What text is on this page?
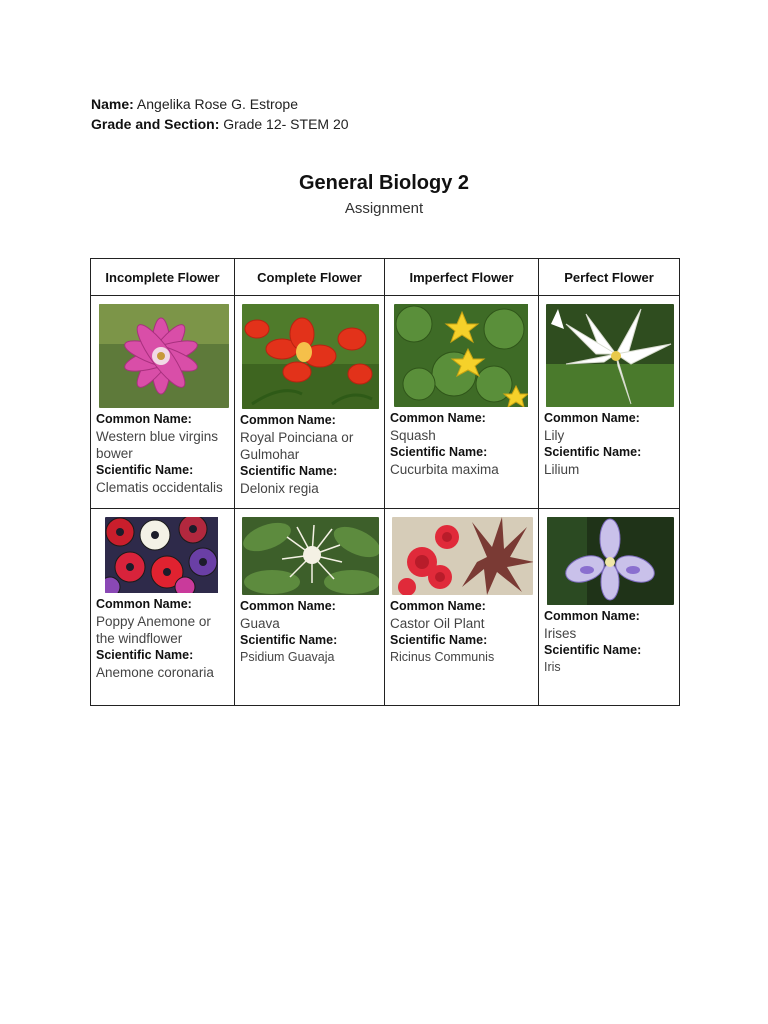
Name: Angelika Rose G. Estrope
Grade and Section: Grade 12- STEM 20
General Biology 2
Assignment
Incomplete Flower	Complete Flower	Imperfect Flower	Perfect Flower

Common Name:
Western blue virgins bower
Scientific Name:
Clematis occidentalis	Common Name:
Royal Poinciana or Gulmohar
Scientific Name:
Delonix regia	Common Name:
Squash
Scientific Name:
Cucurbita maxima	Common Name:
Lily
Scientific Name:
Lilium

Common Name:
Poppy Anemone or the windflower
Scientific Name:
Anemone coronaria	Common Name:
Guava
Scientific Name:
Psidium Guavaja	Common Name:
Castor Oil Plant
Scientific Name:
Ricinus Communis	Common Name:
Irises
Scientific Name:
Iris
